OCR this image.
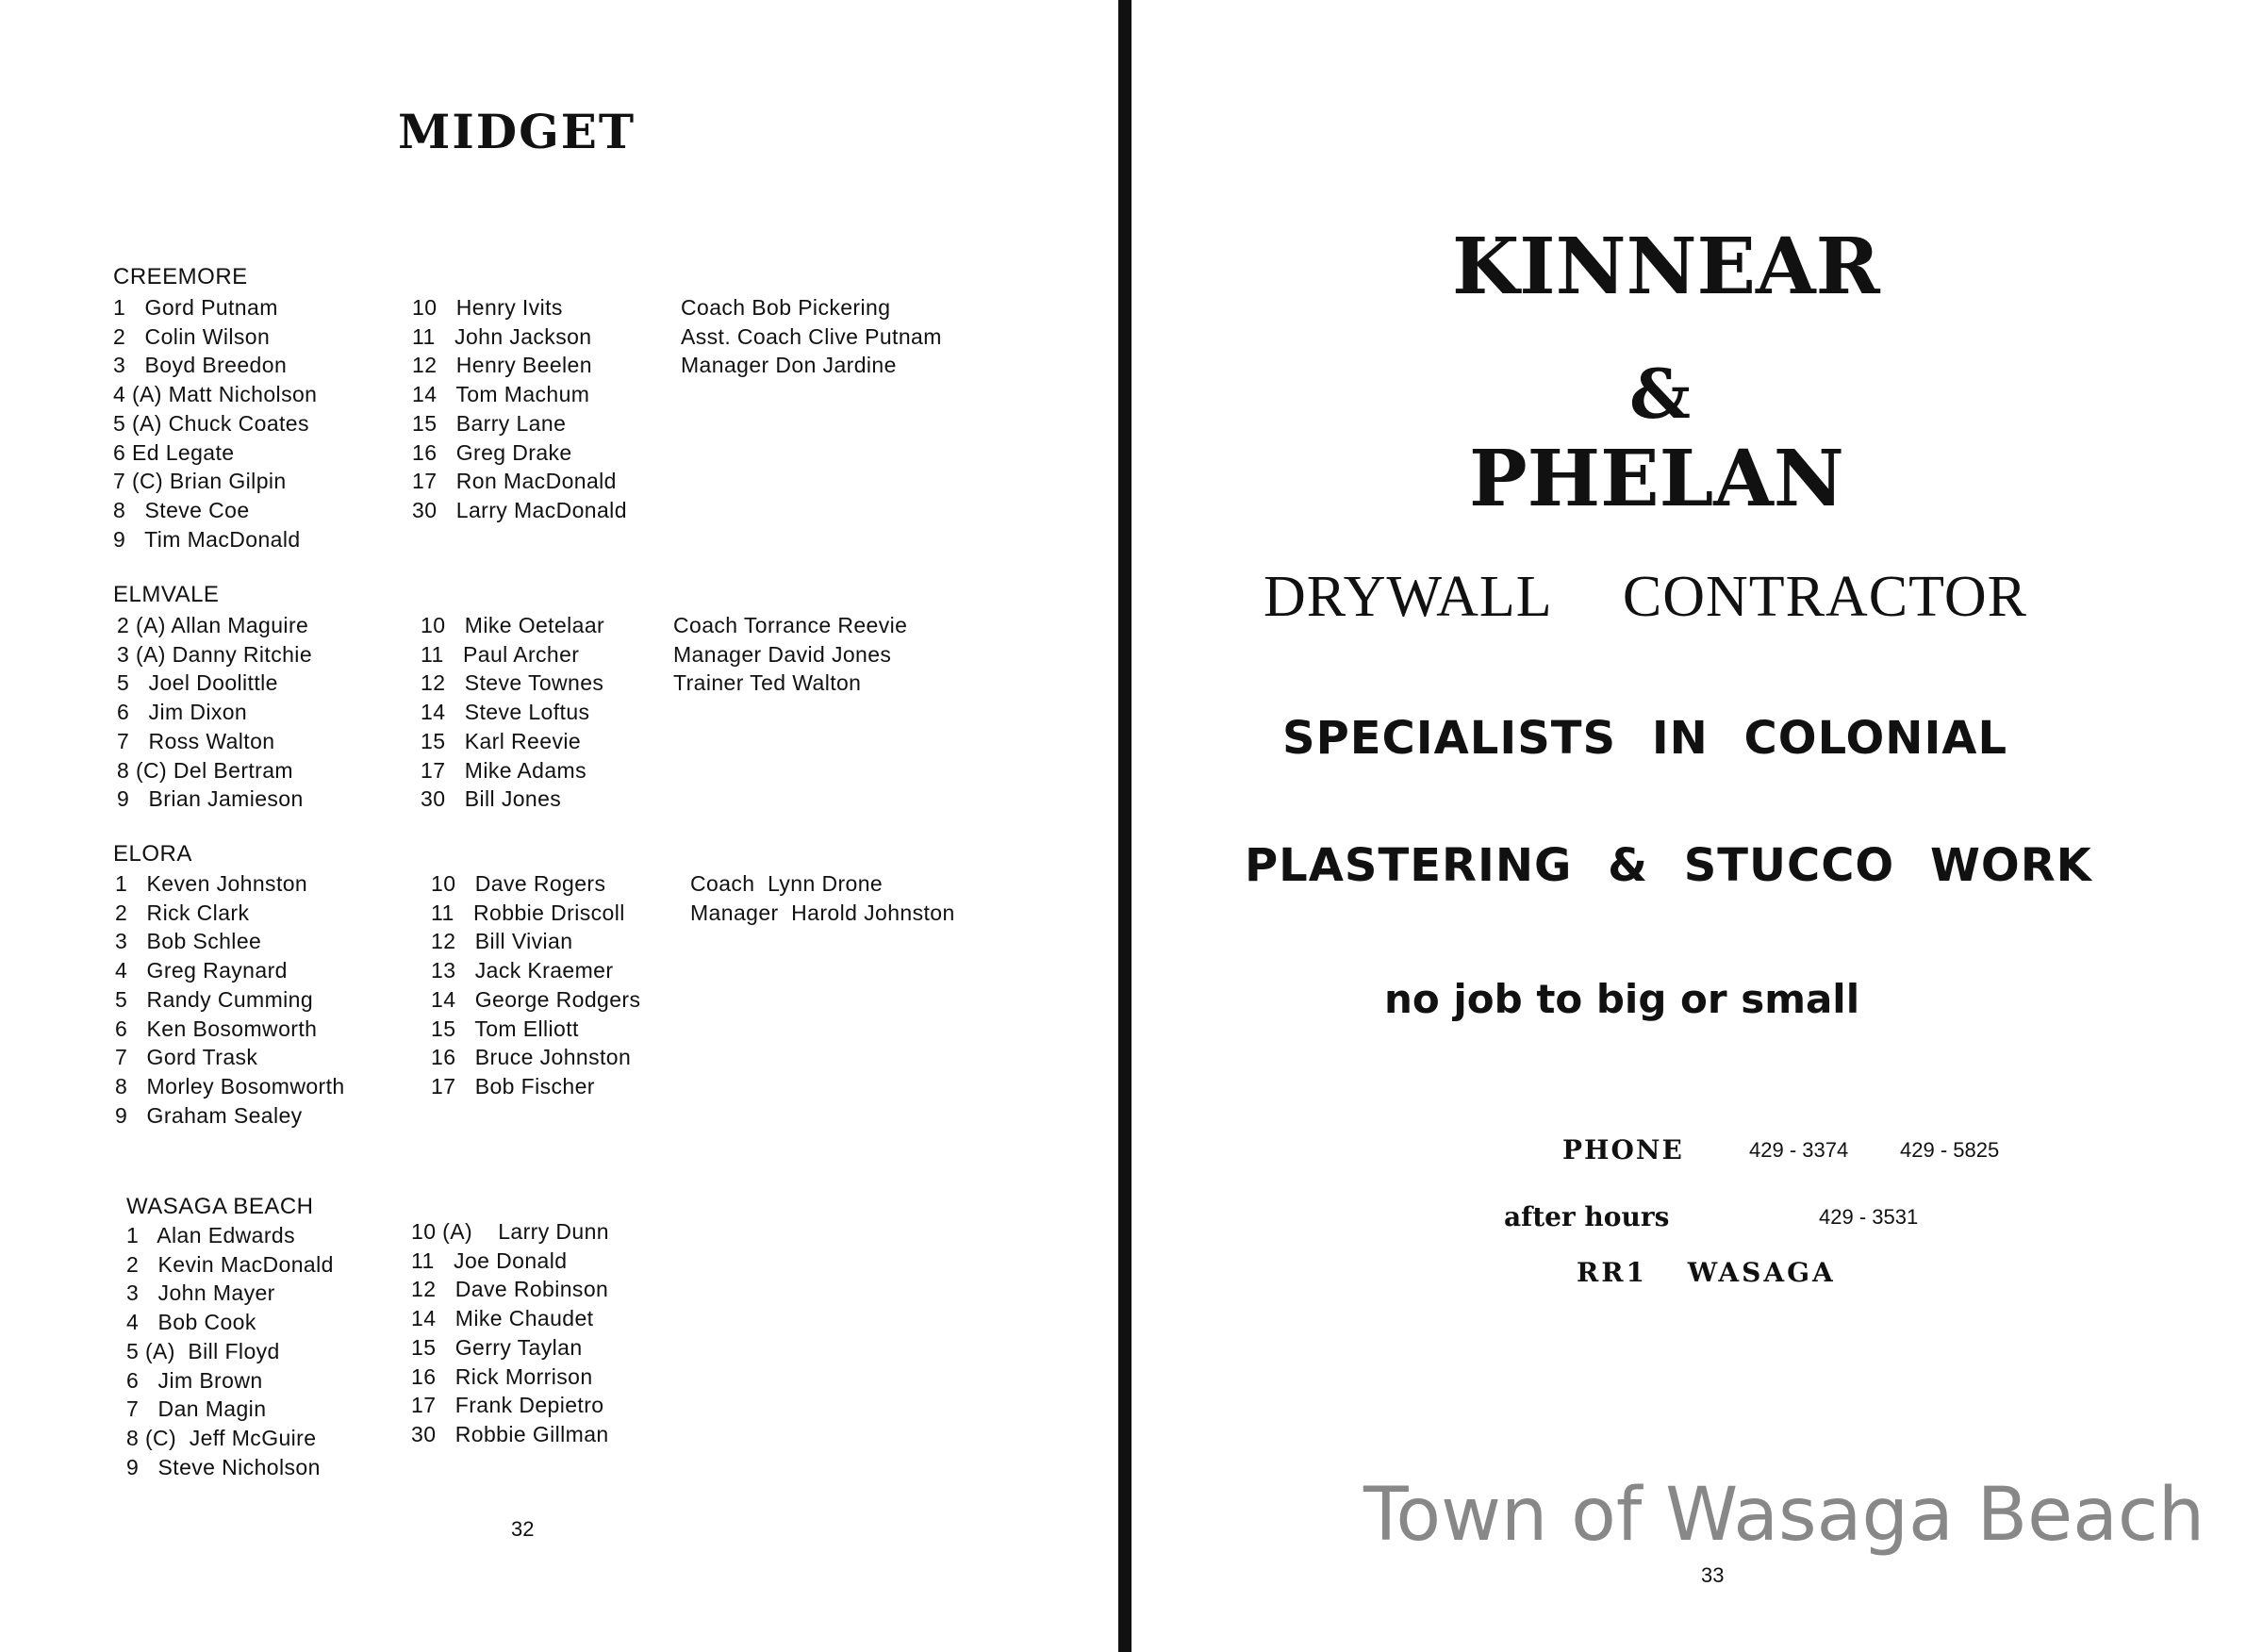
MIDGET
CREEMORE
1   Gord Putnam
2   Colin Wilson
3   Boyd Breedon
4 (A) Matt Nicholson
5 (A) Chuck Coates
6 Ed Legate
7 (C) Brian Gilpin
8   Steve Coe
9   Tim MacDonald
10   Henry Ivits
11   John Jackson
12   Henry Beelen
14   Tom Machum
15   Barry Lane
16   Greg Drake
17   Ron MacDonald
30   Larry MacDonald
Coach Bob Pickering
Asst. Coach Clive Putnam
Manager Don Jardine
ELMVALE
2 (A) Allan Maguire
3 (A) Danny Ritchie
5   Joel Doolittle
6   Jim Dixon
7   Ross Walton
8 (C) Del Bertram
9   Brian Jamieson
10   Mike Oetelaar
11   Paul Archer
12   Steve Townes
14   Steve Loftus
15   Karl Reevie
17   Mike Adams
30   Bill Jones
Coach Torrance Reevie
Manager David Jones
Trainer Ted Walton
ELORA
1   Keven Johnston
2   Rick Clark
3   Bob Schlee
4   Greg Raynard
5   Randy Cumming
6   Ken Bosomworth
7   Gord Trask
8   Morley Bosomworth
9   Graham Sealey
10   Dave Rogers
11   Robbie Driscoll
12   Bill Vivian
13   Jack Kraemer
14   George Rodgers
15   Tom Elliott
16   Bruce Johnston
17   Bob Fischer
Coach  Lynn Drone
Manager  Harold Johnston
WASAGA BEACH
1   Alan Edwards
2   Kevin MacDonald
3   John Mayer
4   Bob Cook
5 (A)  Bill Floyd
6   Jim Brown
7   Dan Magin
8 (C)  Jeff McGuire
9   Steve Nicholson
10 (A)    Larry Dunn
11   Joe Donald
12   Dave Robinson
14   Mike Chaudet
15   Gerry Taylan
16   Rick Morrison
17   Frank Depietro
30   Robbie Gillman
32
KINNEAR
&
PHELAN
DRYWALL CONTRACTOR
SPECIALISTS IN COLONIAL
PLASTERING & STUCCO WORK
no job to big or small
PHONE	429 - 3374 429 - 5825
after hours	429 - 3531
RR1 WASAGA
Town of Wasaga Beach
33
